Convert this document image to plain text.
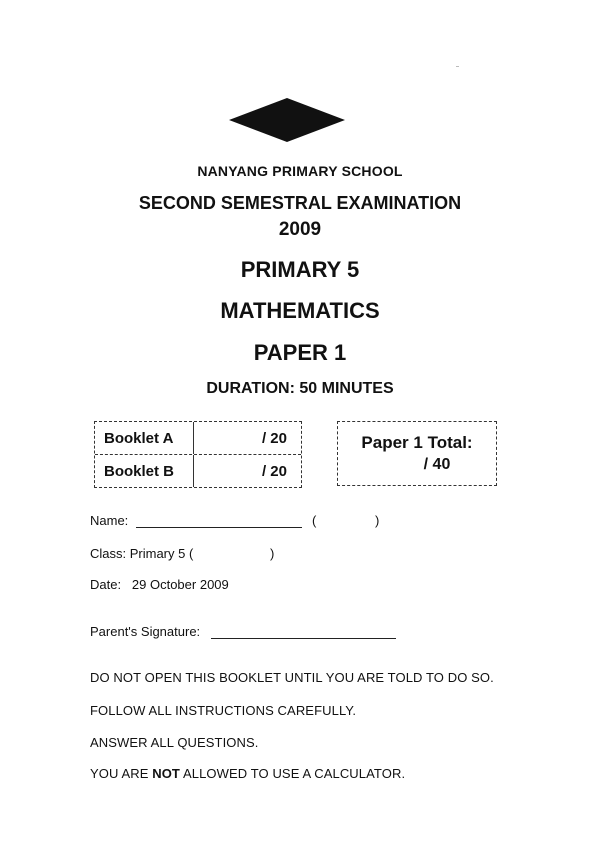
NANYANG PRIMARY SCHOOL
SECOND SEMESTRAL EXAMINATION
2009
PRIMARY 5
MATHEMATICS
PAPER 1
DURATION: 50 MINUTES
Booklet A	/ 20
Booklet B	/ 20
Paper 1 Total:
/ 40
Name:	(	)
Class: Primary 5 (	)
Date:   29 October 2009
Parent's Signature:
DO NOT OPEN THIS BOOKLET UNTIL YOU ARE TOLD TO DO SO.
FOLLOW ALL INSTRUCTIONS CAREFULLY.
ANSWER ALL QUESTIONS.
YOU ARE NOT ALLOWED TO USE A CALCULATOR.
